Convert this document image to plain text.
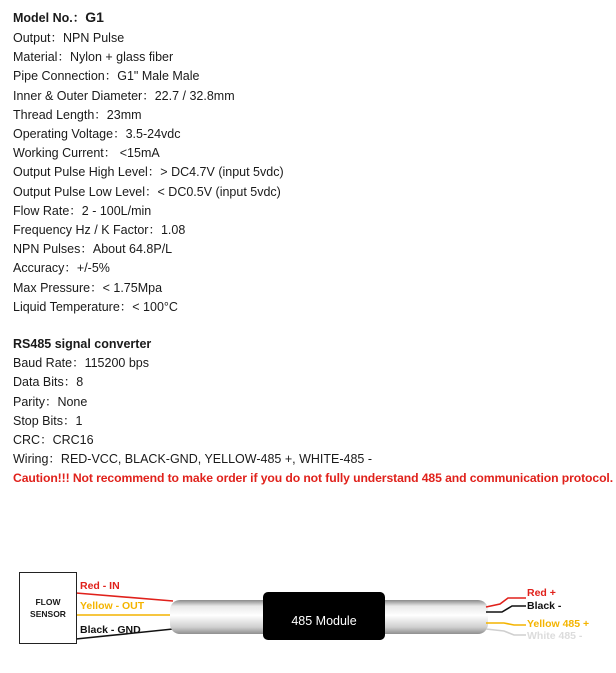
Model No.：G1
Output：NPN Pulse
Material：Nylon + glass fiber
Pipe Connection：G1" Male Male
Inner & Outer Diameter：22.7 / 32.8mm
Thread Length：23mm
Operating Voltage：3.5-24vdc
Working Current： <15mA
Output Pulse High Level：> DC4.7V (input 5vdc)
Output Pulse Low Level：< DC0.5V (input 5vdc)
Flow Rate：2 - 100L/min
Frequency Hz / K Factor：1.08
NPN Pulses：About 64.8P/L
Accuracy：+/-5%
Max Pressure：< 1.75Mpa
Liquid Temperature：< 100°C
RS485 signal converter
Baud Rate：115200 bps
Data Bits：8
Parity：None
Stop Bits：1
CRC：CRC16
Wiring：RED-VCC, BLACK-GND, YELLOW-485 +, WHITE-485 -
Caution!!! Not recommend to make order if you do not fully understand 485 and communication protocol.
FLOW
SENSOR
Red - IN
Yellow - OUT
Black - GND
485 Module
Red +
Black -
Yellow 485 +
White 485 -
